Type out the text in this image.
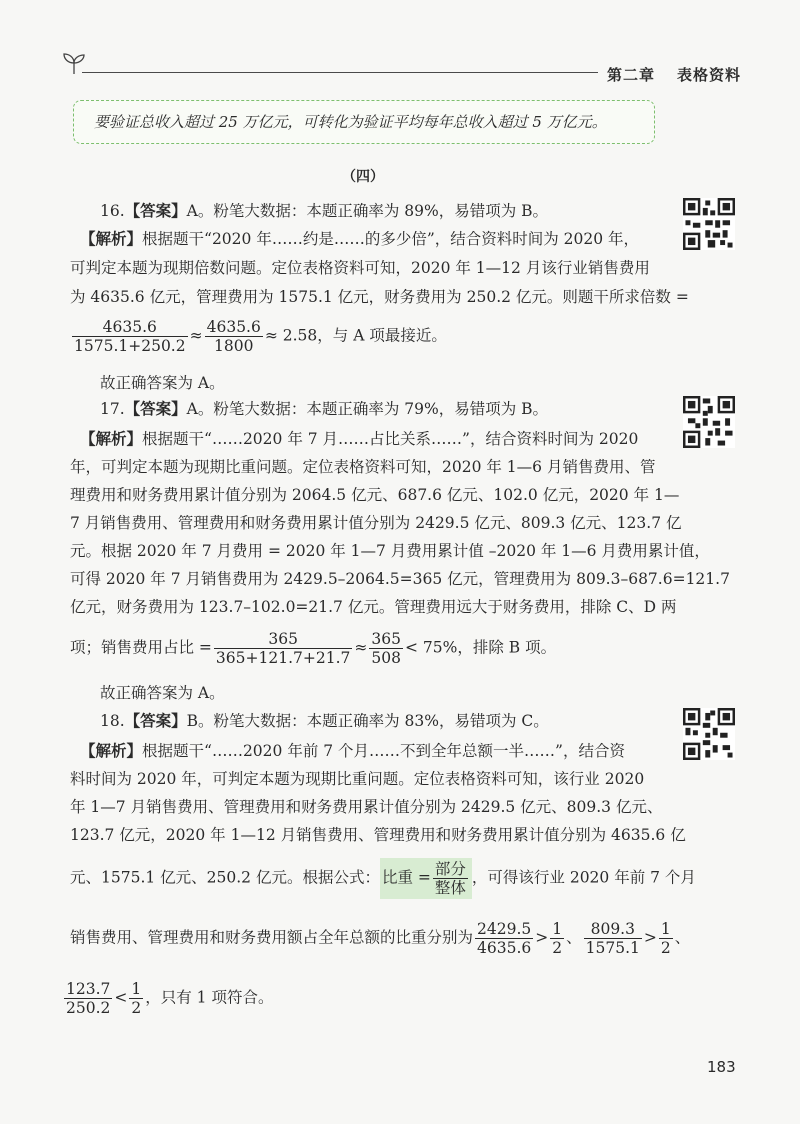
第二章 表格资料
要验证总收入超过 25 万亿元，可转化为验证平均每年总收入超过 5 万亿元。
（四）
16.【答案】A。粉笔大数据：本题正确率为 89%，易错项为 B。
【解析】根据题干“2020 年……约是……的多少倍”，结合资料时间为 2020 年，
可判定本题为现期倍数问题。定位表格资料可知，2020 年 1—12 月该行业销售费用
为 4635.6 亿元，管理费用为 1575.1 亿元，财务费用为 250.2 亿元。则题干所求倍数 =
$\frac{4635.6}{1575.1+250.2} \approx \frac{4635.6}{1800} \approx 2.58$，与 A 项最接近。
故正确答案为 A。
17.【答案】A。粉笔大数据：本题正确率为 79%，易错项为 B。
【解析】根据题干“……2020 年 7 月……占比关系……”，结合资料时间为 2020
年，可判定本题为现期比重问题。定位表格资料可知，2020 年 1—6 月销售费用、管
理费用和财务费用累计值分别为 2064.5 亿元、687.6 亿元、102.0 亿元，2020 年 1—
7 月销售费用、管理费用和财务费用累计值分别为 2429.5 亿元、809.3 亿元、123.7 亿
元。根据 2020 年 7 月费用 = 2020 年 1—7 月费用累计值 –2020 年 1—6 月费用累计值，
可得 2020 年 7 月销售费用为 2429.5–2064.5=365 亿元，管理费用为 809.3–687.6=121.7
亿元，财务费用为 123.7–102.0=21.7 亿元。管理费用远大于财务费用，排除 C、D 两
项；销售费用占比 = $\frac{365}{365+121.7+21.7} \approx \frac{365}{508} < 75\%$，排除 B 项。
故正确答案为 A。
18.【答案】B。粉笔大数据：本题正确率为 83%，易错项为 C。
【解析】根据题干“……2020 年前 7 个月……不到全年总额一半……”，结合资
料时间为 2020 年，可判定本题为现期比重问题。定位表格资料可知，该行业 2020
年 1—7 月销售费用、管理费用和财务费用累计值分别为 2429.5 亿元、809.3 亿元、
123.7 亿元，2020 年 1—12 月销售费用、管理费用和财务费用累计值分别为 4635.6 亿
元、1575.1 亿元、250.2 亿元。根据公式： 比重 = $\frac{\text{部分}}{\text{整体}}$ ，可得该行业 2020 年前 7 个月
销售费用、管理费用和财务费用额占全年总额的比重分别为 $\frac{2429.5}{4635.6} > \frac{1}{2}$ 、 $\frac{809.3}{1575.1} > \frac{1}{2}$ 、
$\frac{123.7}{250.2} < \frac{1}{2}$ ，只有 1 项符合。
183
